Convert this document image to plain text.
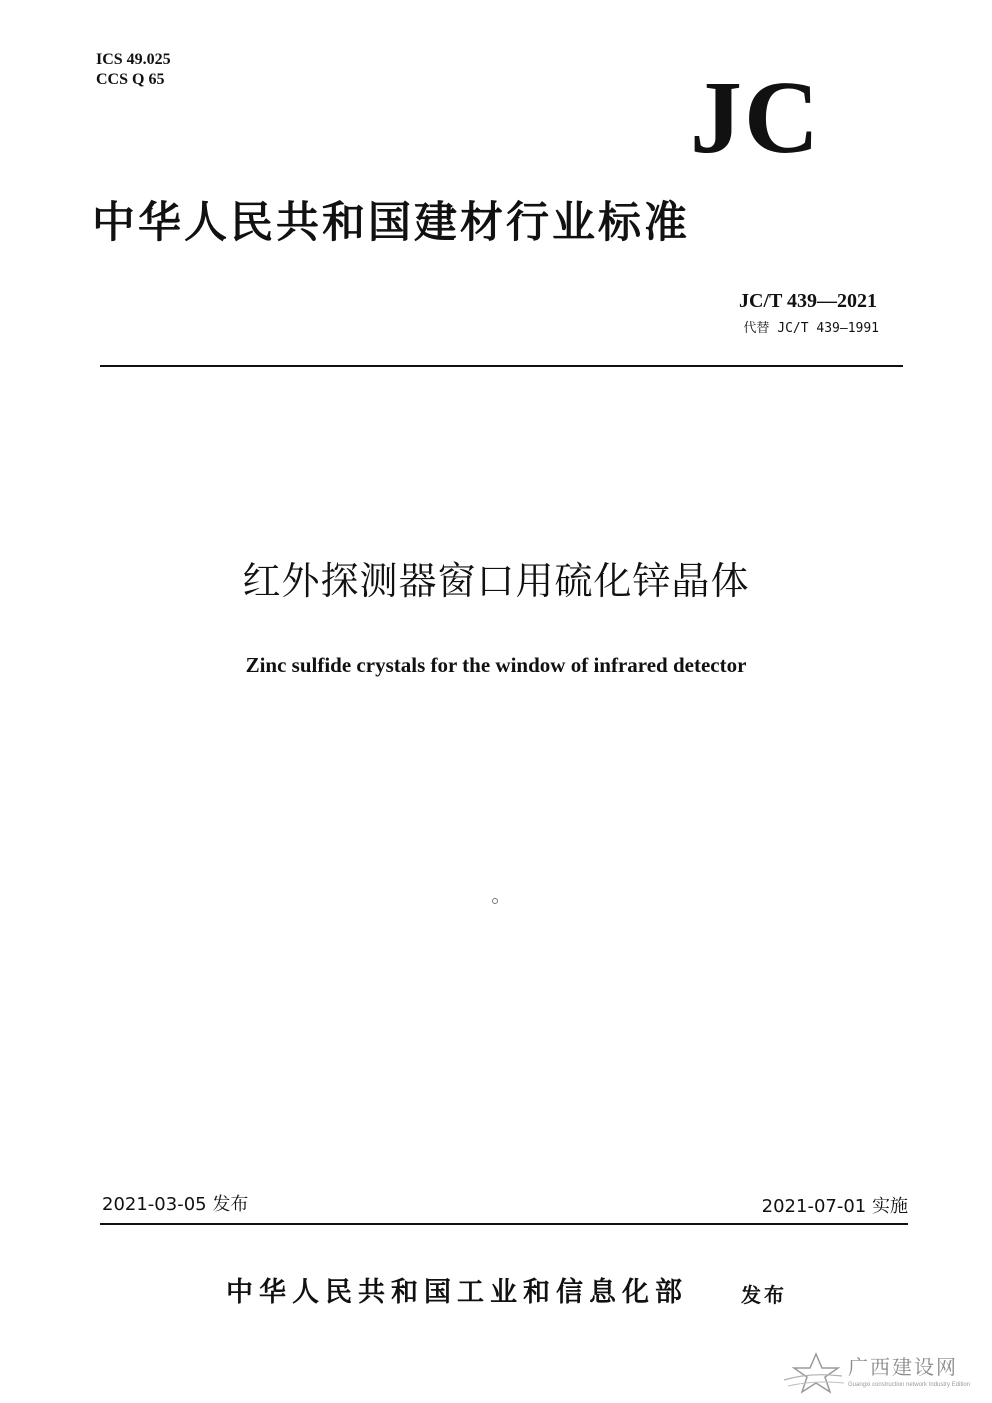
ICS 49.025
CCS Q 65	JC
中华人民共和国建材行业标准
JC/T 439—2021
代替 JC/T 439—1991
红外探测器窗口用硫化锌晶体
Zinc sulfide crystals for the window of infrared detector
2021-03-05 发布	2021-07-01 实施
中华人民共和国工业和信息化部	发布
广西建设网
Guangxi construction network Industry Edition
